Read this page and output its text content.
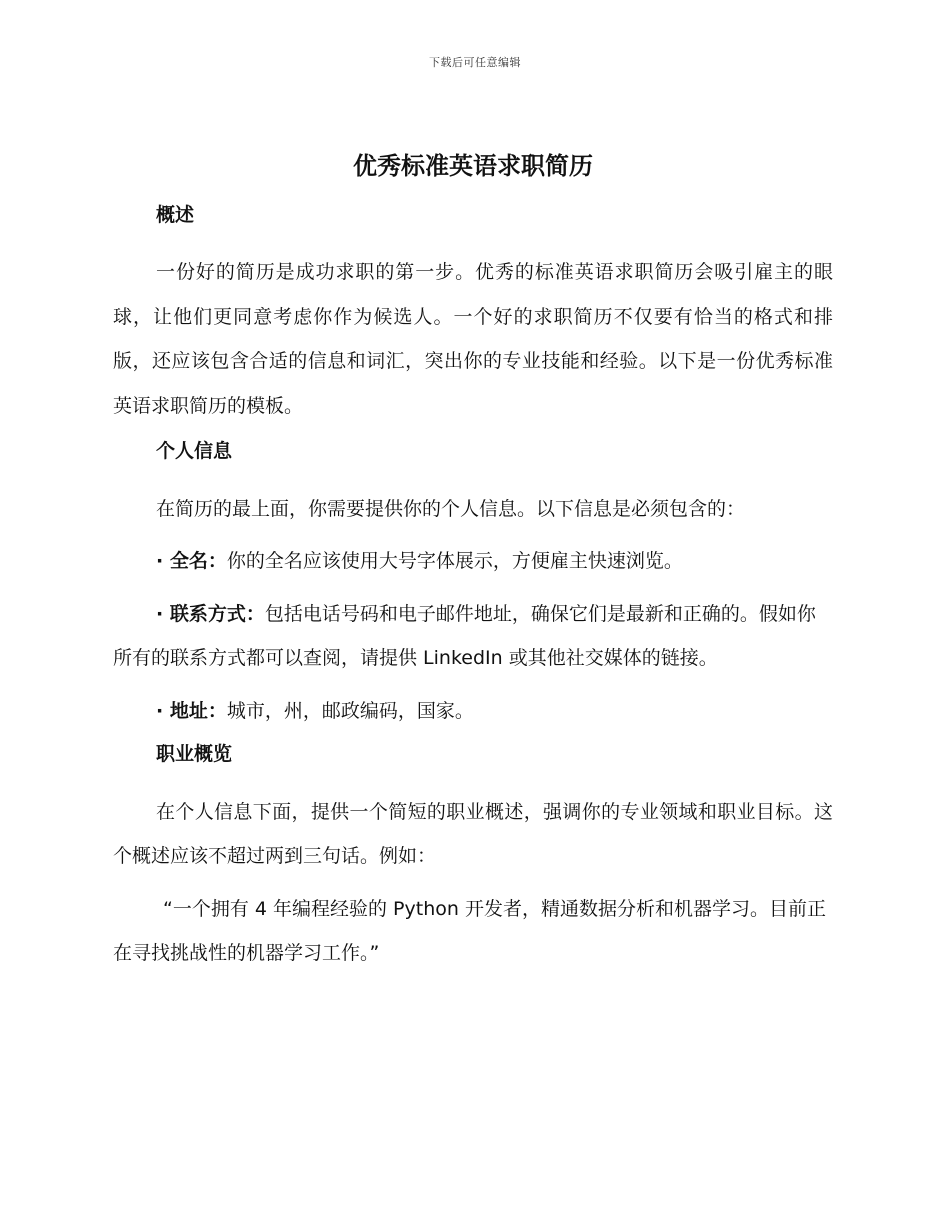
下载后可任意编辑
优秀标准英语求职简历
概述

一份好的简历是成功求职的第一步。优秀的标准英语求职简历会吸引雇主的眼球，让他们更同意考虑你作为候选人。一个好的求职简历不仅要有恰当的格式和排版，还应该包含合适的信息和词汇，突出你的专业技能和经验。以下是一份优秀标准英语求职简历的模板。

个人信息

在简历的最上面，你需要提供你的个人信息。以下信息是必须包含的：

· 全名：你的全名应该使用大号字体展示，方便雇主快速浏览。

· 联系方式：包括电话号码和电子邮件地址，确保它们是最新和正确的。假如你所有的联系方式都可以查阅，请提供 LinkedIn 或其他社交媒体的链接。

· 地址：城市，州，邮政编码，国家。

职业概览

在个人信息下面，提供一个简短的职业概述，强调你的专业领域和职业目标。这个概述应该不超过两到三句话。例如：

“一个拥有 4 年编程经验的 Python 开发者，精通数据分析和机器学习。目前正在寻找挑战性的机器学习工作。”
